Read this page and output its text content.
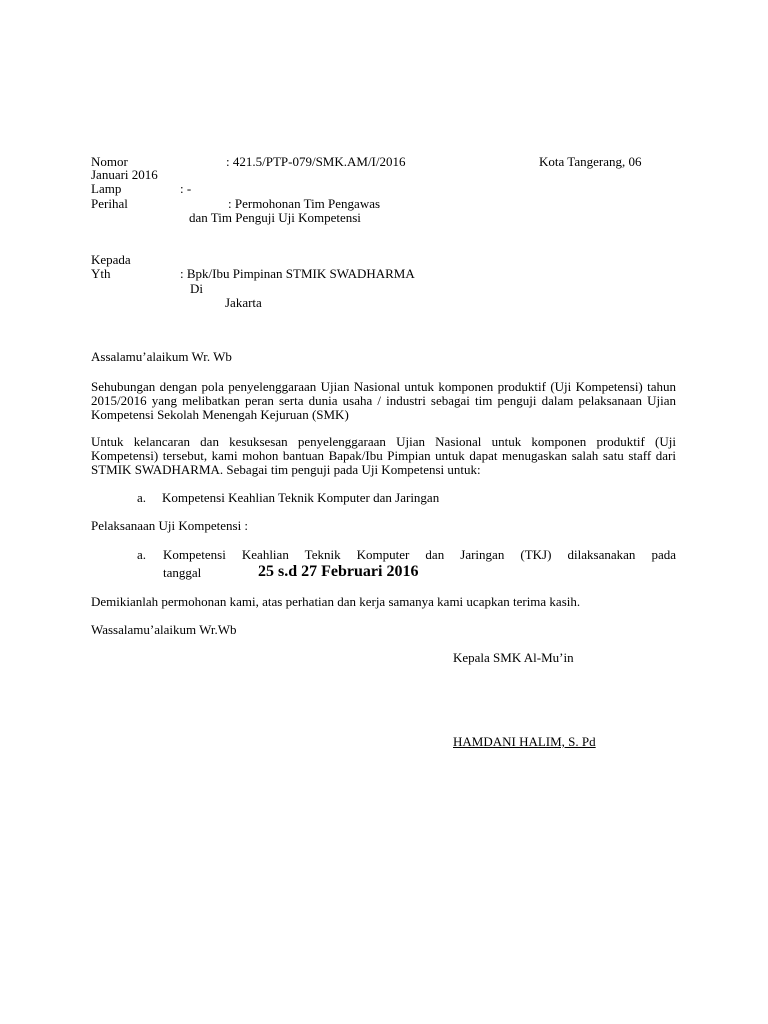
Nomor	: 421.5/PTP-079/SMK.AM/I/2016	Kota Tangerang, 06
Januari 2016
Lamp	: -
Perihal	: Permohonan Tim Pengawas
dan Tim Penguji Uji Kompetensi
Kepada
Yth	: Bpk/Ibu Pimpinan STMIK SWADHARMA
Di
Jakarta
Assalamu’alaikum Wr. Wb
Sehubungan dengan pola penyelenggaraan Ujian Nasional untuk komponen produktif (Uji Kompetensi) tahun 2015/2016 yang melibatkan peran serta dunia usaha / industri sebagai tim penguji dalam pelaksanaan Ujian Kompetensi Sekolah Menengah Kejuruan (SMK)
Untuk kelancaran dan kesuksesan penyelenggaraan Ujian Nasional untuk komponen produktif (Uji Kompetensi) tersebut, kami mohon bantuan Bapak/Ibu Pimpian untuk dapat menugaskan salah satu staff dari STMIK SWADHARMA. Sebagai tim penguji pada Uji Kompetensi untuk:
a. Kompetensi Keahlian Teknik Komputer dan Jaringan
Pelaksanaan Uji Kompetensi :
a. Kompetensi Keahlian Teknik Komputer dan Jaringan (TKJ) dilaksanakan pada
tanggal	25 s.d 27 Februari 2016
Demikianlah permohonan kami, atas perhatian dan kerja samanya kami ucapkan terima kasih.
Wassalamu’alaikum Wr.Wb
Kepala SMK Al-Mu’in
HAMDANI HALIM, S. Pd
